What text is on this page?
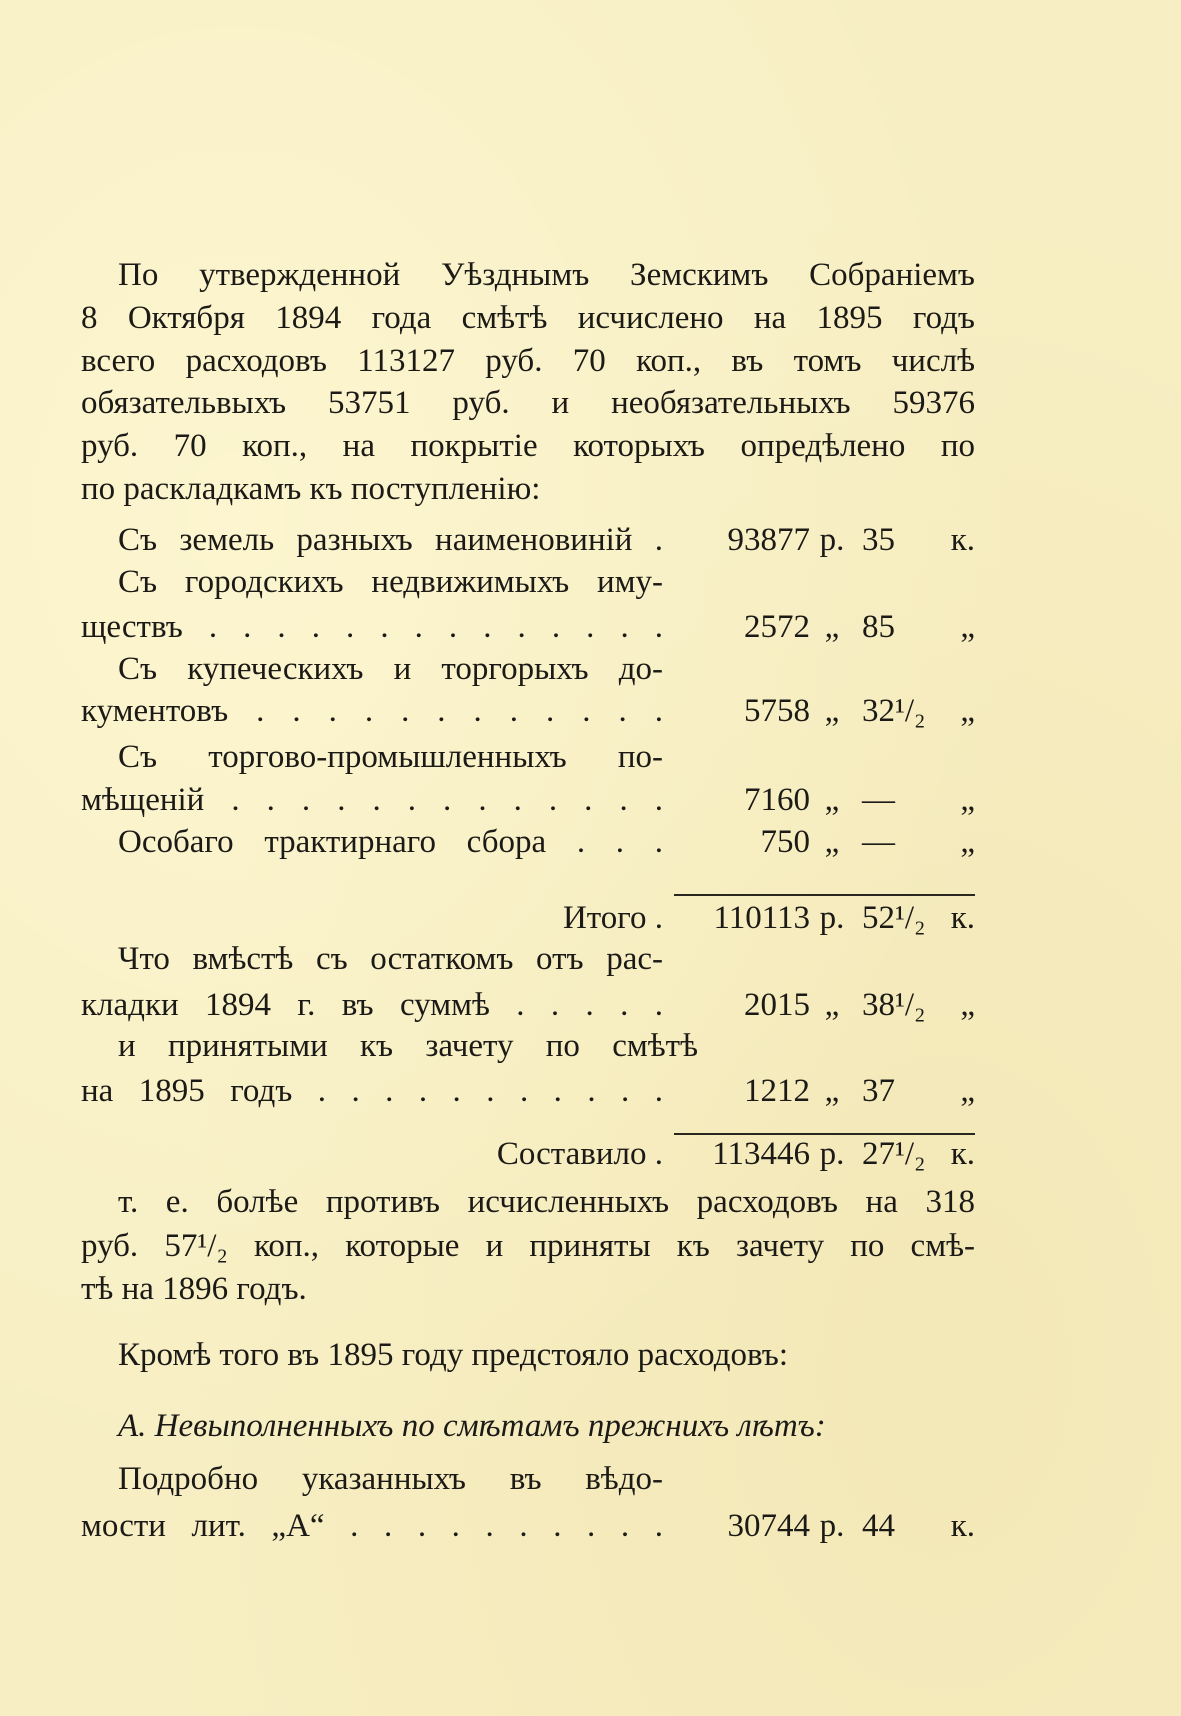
По утвержденной Уѣзднымъ Земскимъ Собраніемъ
8 Октября 1894 года смѣтѣ исчислено на 1895 годъ
всего расходовъ 113127 руб. 70 коп., въ томъ числѣ
обязательвыхъ 53751 руб. и необязательныхъ 59376
руб. 70 коп., на покрытіе которыхъ опредѣлено по
по раскладкамъ къ поступленію:
Съ земель разныхъ наименовиній . 93877 р. 35 к.
Съ городскихъ недвижимыхъ иму-
ществъ . . . . . . . . . . . . . . 2572 „ 85 „
Съ купеческихъ и торгорыхъ до-
кументовъ . . . . . . . . . . . . 5758 „ 32¹/₂ „
Съ торгово-промышленныхъ по-
мѣщеній . . . . . . . . . . . . . 7160 „ — „
Особаго трактирнаго сбора . . .	750 „ — „
Итого . 110113 р. 52¹/₂ к.
Что вмѣстѣ съ остаткомъ отъ рас-
кладки 1894 г. въ суммѣ . . . . . 2015 „ 38¹/₂ „
и принятыми къ зачету по смѣтѣ
на 1895 годъ . . . . . . . . . . . 1212 „ 37 „
Составило . 113446 р. 27¹/₂ к.
т. е. болѣе противъ исчисленныхъ расходовъ на 318
руб. 57¹/₂ коп., которые и приняты къ зачету по смѣ-
тѣ на 1896 годъ.
Кромѣ того въ 1895 году предстояло расходовъ:
А. Невыполненныхъ по смѣтамъ прежнихъ лѣтъ:
Подробно указанныхъ въ вѣдо-
мости лит. „А“ . . . . . . . . . . 30744 р. 44 к.
